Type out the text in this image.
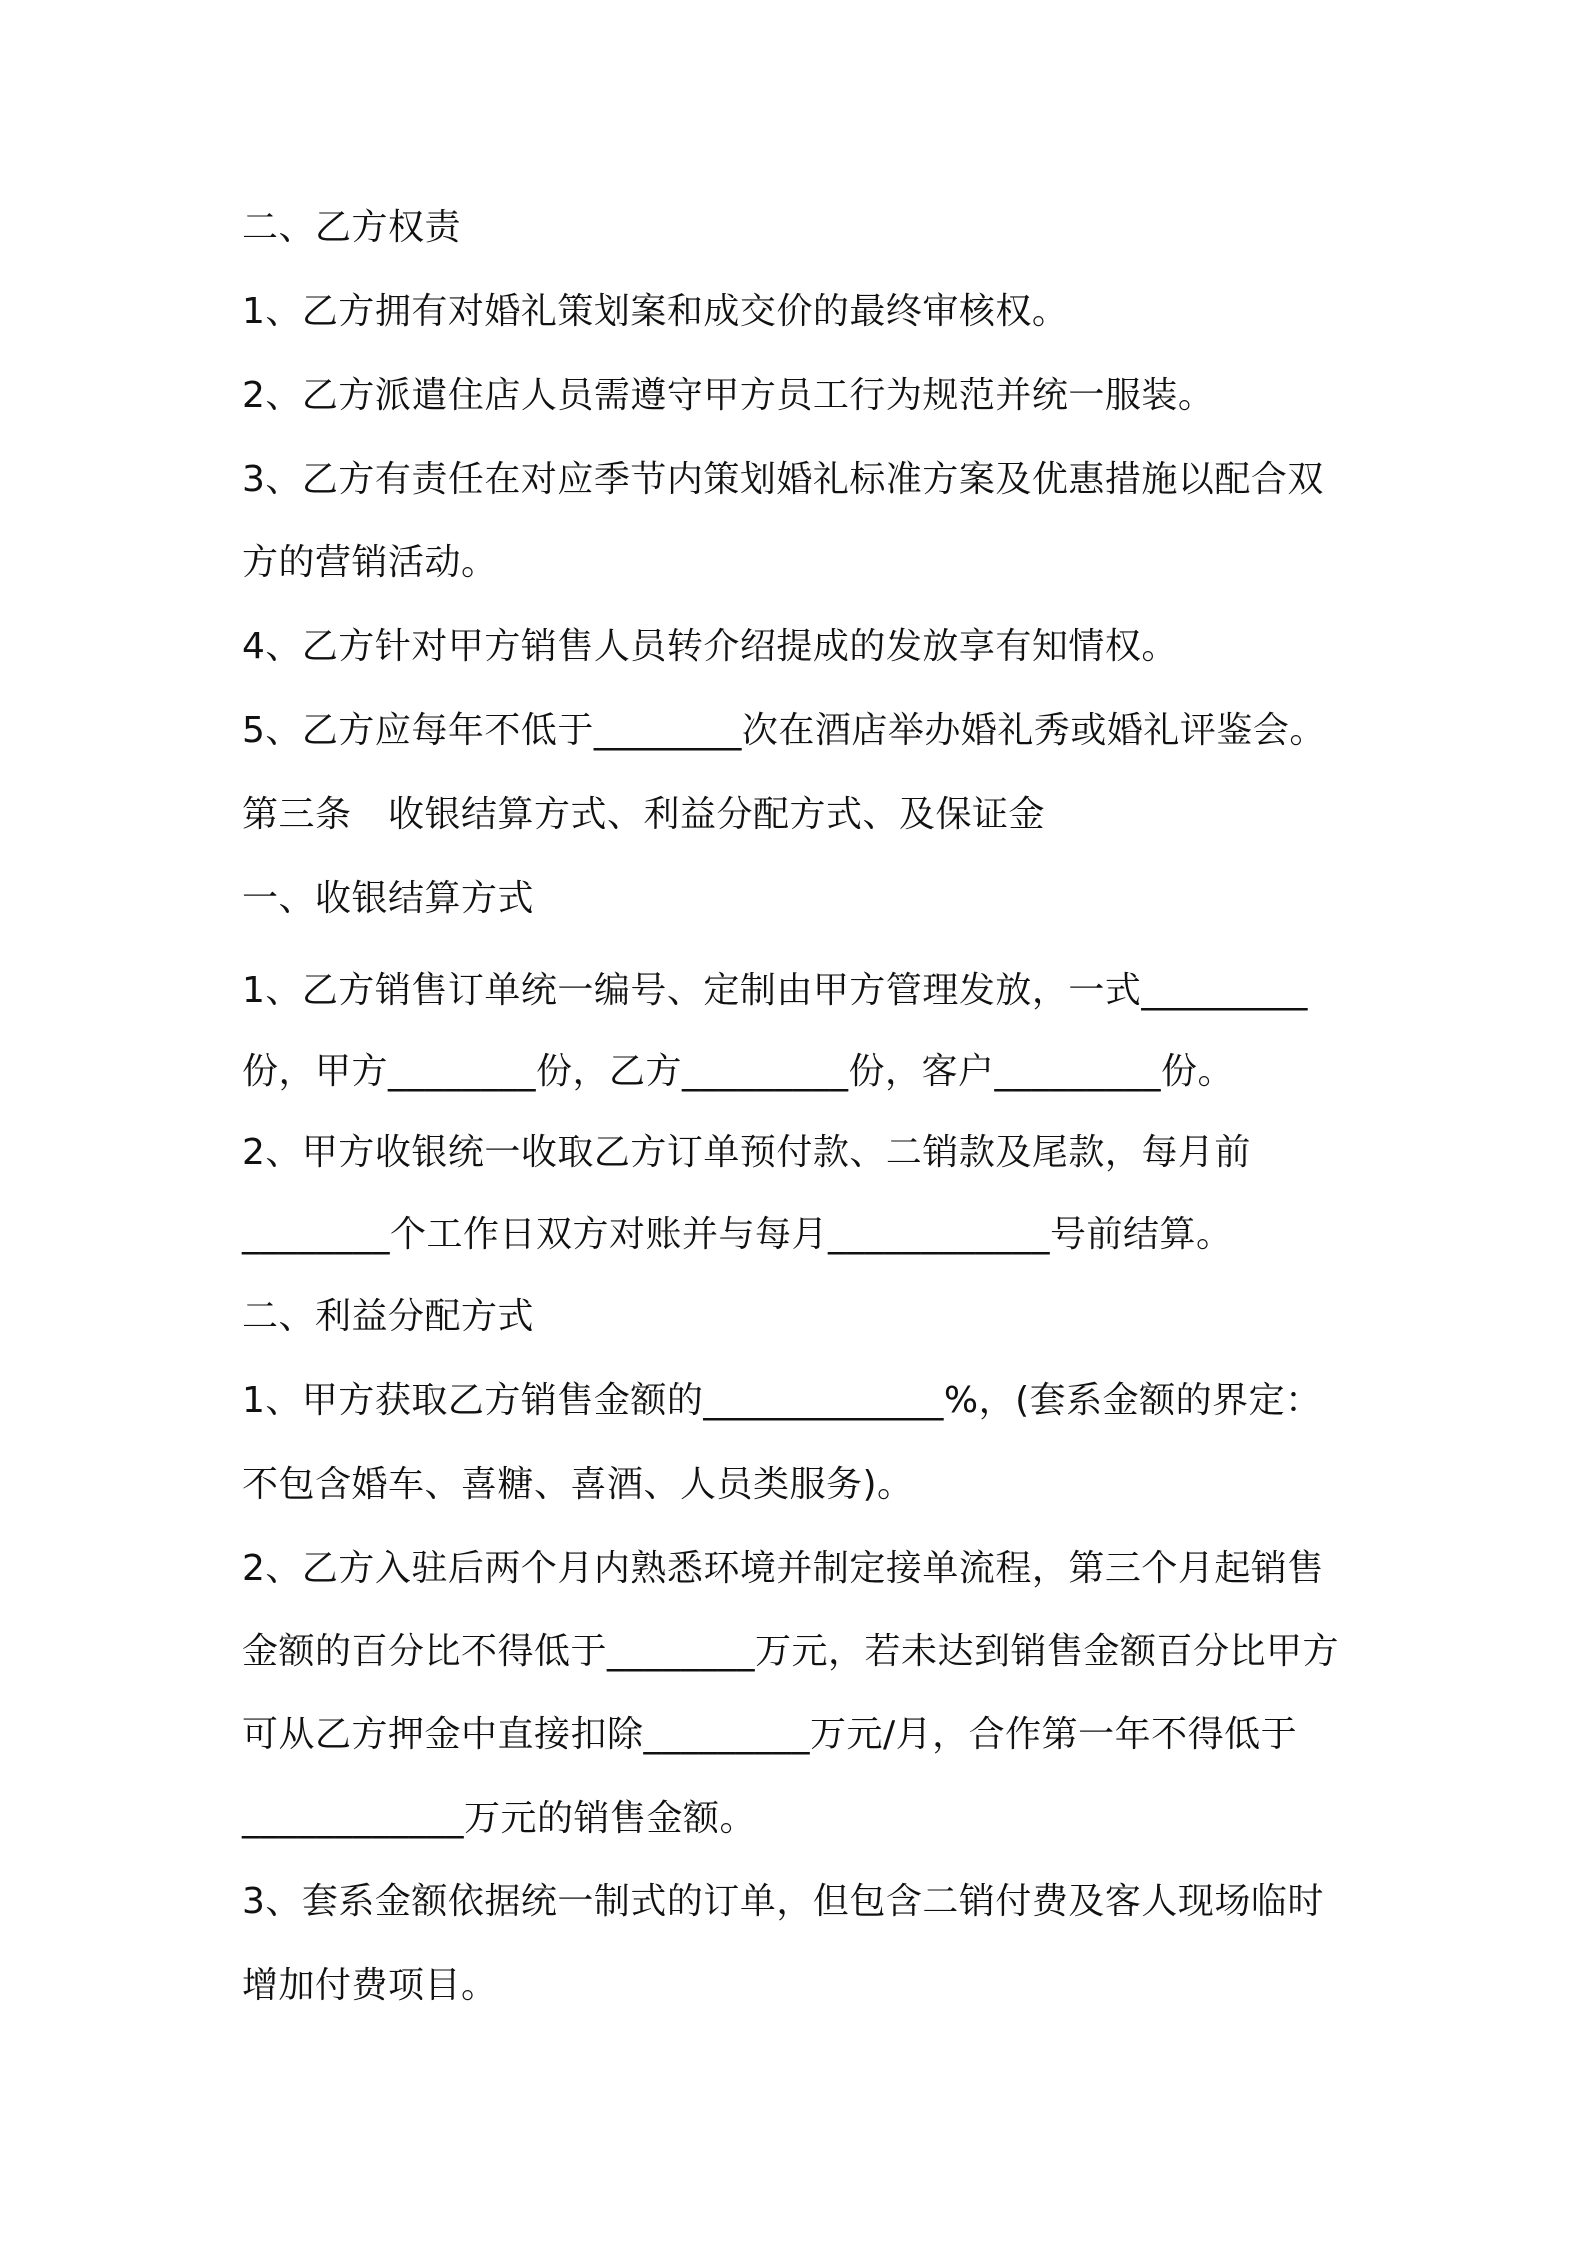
二、乙方权责
1、乙方拥有对婚礼策划案和成交价的最终审核权。
2、乙方派遣住店人员需遵守甲方员工行为规范并统一服装。
3、乙方有责任在对应季节内策划婚礼标准方案及优惠措施以配合双
方的营销活动。
4、乙方针对甲方销售人员转介绍提成的发放享有知情权。
5、乙方应每年不低于________次在酒店举办婚礼秀或婚礼评鉴会。
第三条　收银结算方式、利益分配方式、及保证金
一、收银结算方式
1、乙方销售订单统一编号、定制由甲方管理发放，一式_________
份，甲方________份，乙方_________份，客户_________份。
2、甲方收银统一收取乙方订单预付款、二销款及尾款，每月前
________个工作日双方对账并与每月____________号前结算。
二、利益分配方式
1、甲方获取乙方销售金额的_____________%，(套系金额的界定：
不包含婚车、喜糖、喜酒、人员类服务)。
2、乙方入驻后两个月内熟悉环境并制定接单流程，第三个月起销售
金额的百分比不得低于________万元，若未达到销售金额百分比甲方
可从乙方押金中直接扣除_________万元/月，合作第一年不得低于
____________万元的销售金额。
3、套系金额依据统一制式的订单，但包含二销付费及客人现场临时
增加付费项目。
